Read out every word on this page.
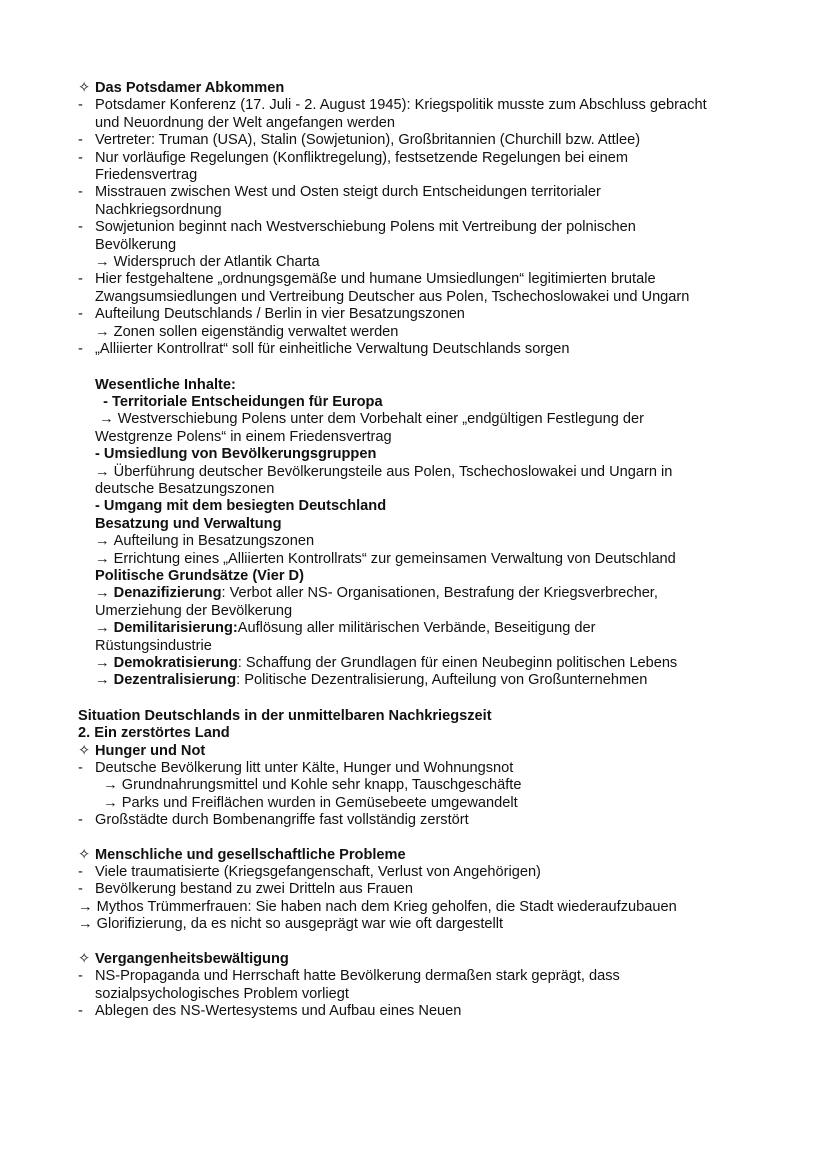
✧ Das Potsdamer Abkommen
- Potsdamer Konferenz (17. Juli - 2. August 1945): Kriegspolitik musste zum Abschluss gebracht
und Neuordnung der Welt angefangen werden
- Vertreter: Truman (USA), Stalin (Sowjetunion), Großbritannien (Churchill bzw. Attlee)
- Nur vorläufige Regelungen (Konfliktregelung), festsetzende Regelungen bei einem
Friedensvertrag
- Misstrauen zwischen West und Osten steigt durch Entscheidungen territorialer
Nachkriegsordnung
- Sowjetunion beginnt nach Westverschiebung Polens mit Vertreibung der polnischen
Bevölkerung
→
Widerspruch der Atlantik Charta
- Hier festgehaltene „ordnungsgemäße und humane Umsiedlungen“ legitimierten brutale
Zwangsumsiedlungen und Vertreibung Deutscher aus Polen, Tschechoslowakei und Ungarn
- Aufteilung Deutschlands / Berlin in vier Besatzungszonen
→
Zonen sollen eigenständig verwaltet werden
- „Alliierter Kontrollrat“ soll für einheitliche Verwaltung Deutschlands sorgen
Wesentliche Inhalte:

- Territoriale Entscheidungen für Europa

→
Westverschiebung Polens unter dem Vorbehalt einer „endgültigen Festlegung der
Westgrenze Polens“ in einem Friedensvertrag
- Umsiedlung von Bevölkerungsgruppen
→
Überführung deutscher Bevölkerungsteile aus Polen, Tschechoslowakei und Ungarn in
deutsche Besatzungszonen
- Umgang mit dem besiegten Deutschland
Besatzung und Verwaltung
→
Aufteilung in Besatzungszonen
→
Errichtung eines „Alliierten Kontrollrats“ zur gemeinsamen Verwaltung von Deutschland
Politische Grundsätze (Vier D)
→
Denazifizierung : Verbot aller NS- Organisationen, Bestrafung der Kriegsverbrecher,
Umerziehung der Bevölkerung
→
Demilitarisierung: Auflösung aller militärischen Verbände, Beseitigung der
Rüstungsindustrie
→
Demokratisierung : Schaffung der Grundlagen für einen Neubeginn politischen Lebens
→
Dezentralisierung : Politische Dezentralisierung, Aufteilung von Großunternehmen
Situation Deutschlands in der unmittelbaren Nachkriegszeit
2. Ein zerstörtes Land
✧ Hunger und Not
- Deutsche Bevölkerung litt unter Kälte, Hunger und Wohnungsnot

→
Grundnahrungsmittel und Kohle sehr knapp, Tauschgeschäfte

→
Parks und Freiflächen wurden in Gemüsebeete umgewandelt
- Großstädte durch Bombenangriffe fast vollständig zerstört
✧ Menschliche und gesellschaftliche Probleme
- Viele traumatisierte (Kriegsgefangenschaft, Verlust von Angehörigen)
- Bevölkerung bestand zu zwei Dritteln aus Frauen
→
Mythos Trümmerfrauen: Sie haben nach dem Krieg geholfen, die Stadt wiederaufzubauen
→
Glorifizierung, da es nicht so ausgeprägt war wie oft dargestellt
✧ Vergangenheitsbewältigung
- NS-Propaganda und Herrschaft hatte Bevölkerung dermaßen stark geprägt, dass
sozialpsychologisches Problem vorliegt
- Ablegen des NS-Wertesystems und Aufbau eines Neuen
